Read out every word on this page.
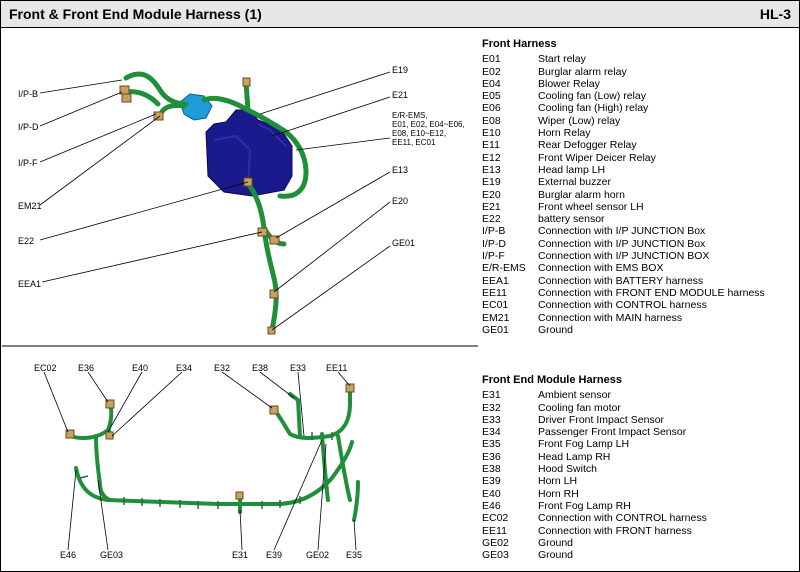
Front & Front End Module Harness (1)	HL-3
I/P-B
I/P-D
I/P-F
EM21
E22
EEA1
E19
E21
E/R-EMS,
E01, E02, E04~E06,
E08, E10~E12,
EE11, EC01
E13
E20
GE01
EC02 E36	E40	E34 E32 E38 E33 EE11
E46	GE03	E31 E39	GE02 E35
Front Harness
E01	Start relay
E02	Burglar alarm relay
E04	Blower Relay
E05	Cooling fan (Low) relay
E06	Cooling fan (High) relay
E08	Wiper (Low) relay
E10	Horn Relay
E11	Rear Defogger Relay
E12	Front Wiper Deicer Relay
E13	Head lamp LH
E19	External buzzer
E20	Burglar alarm horn
E21	Front wheel sensor LH
E22	battery sensor
I/P-B	Connection with I/P JUNCTION Box
I/P-D	Connection with I/P JUNCTION Box
I/P-F	Connection with I/P JUNCTION BOX
E/R-EMS	Connection with EMS BOX
EEA1	Connection with BATTERY harness
EE11	Connection with FRONT END MODULE harness
EC01	Connection with CONTROL harness
EM21	Connection with MAIN harness
GE01	Ground
Front End Module Harness
E31	Ambient sensor
E32	Cooling fan motor
E33	Driver Front Impact Sensor
E34	Passenger Front Impact Sensor
E35	Front Fog Lamp LH
E36	Head Lamp RH
E38	Hood Switch
E39	Horn LH
E40	Horn RH
E46	Front Fog Lamp RH
EC02	Connection with CONTROL harness
EE11	Connection with FRONT harness
GE02	Ground
GE03	Ground
